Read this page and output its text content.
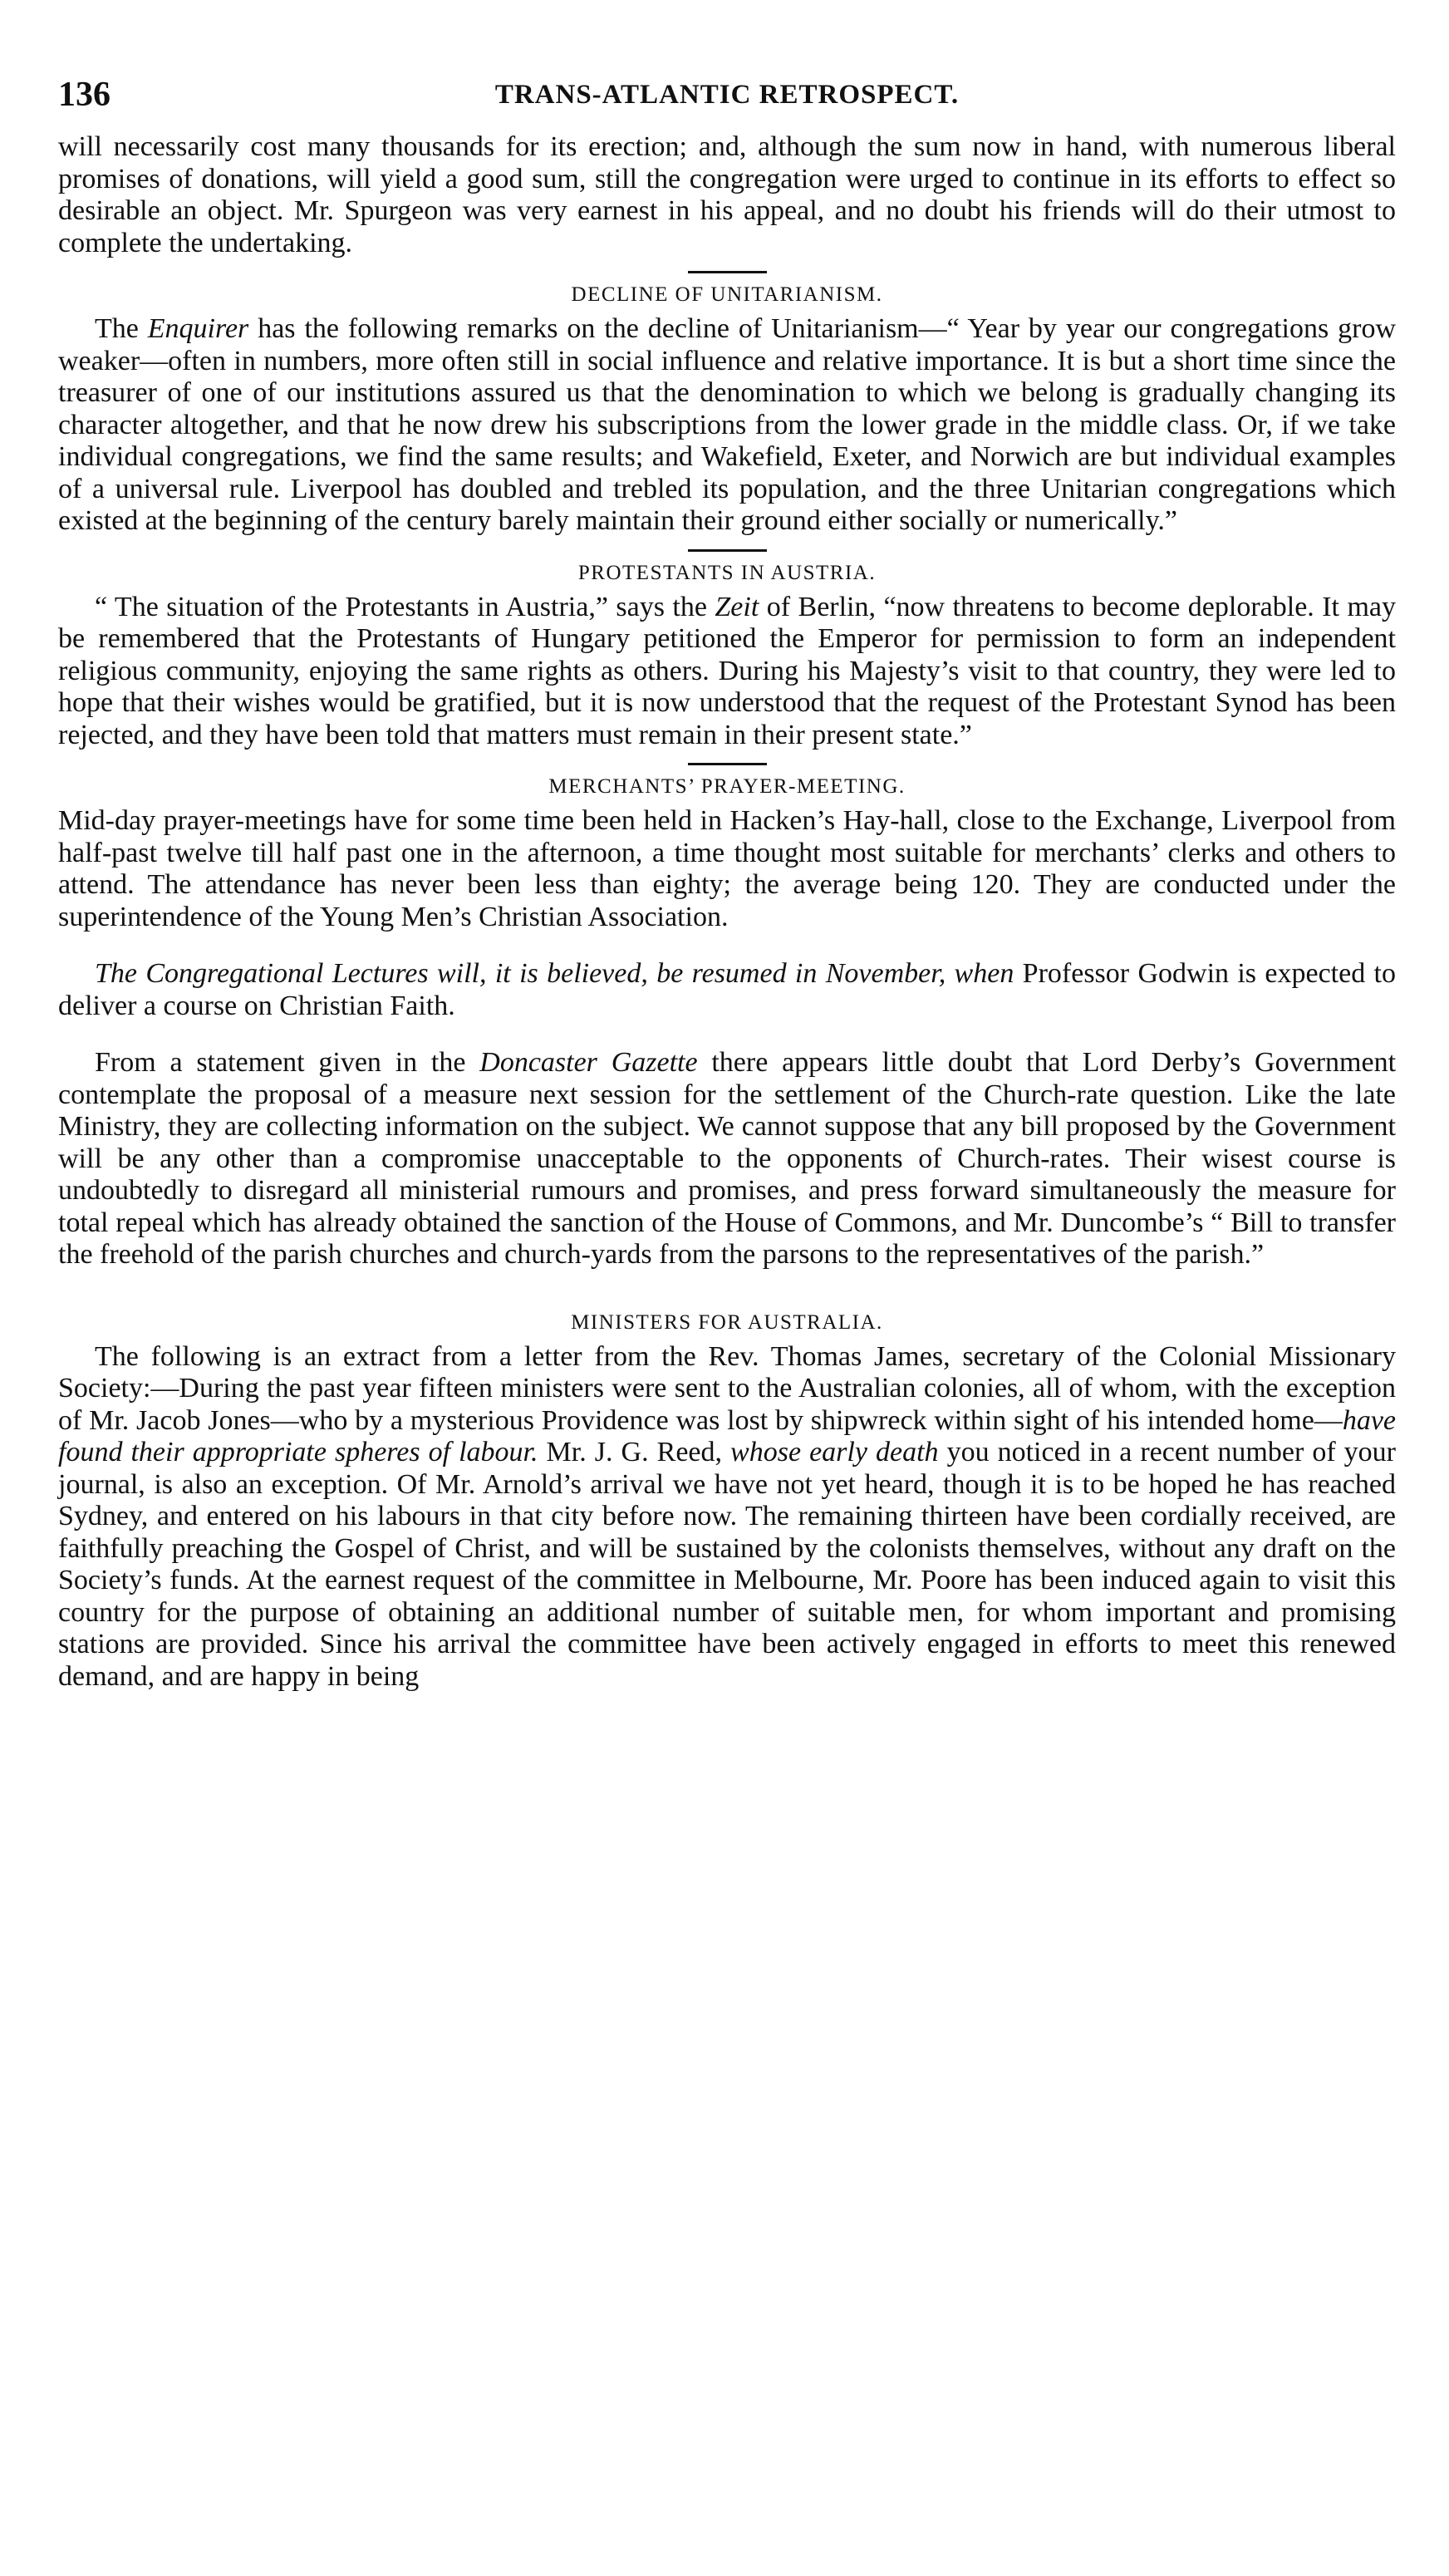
136	TRANS-ATLANTIC RETROSPECT.

will necessarily cost many thousands for its erection; and, although the sum now in hand, with numerous liberal promises of donations, will yield a good sum, still the congregation were urged to continue in its efforts to effect so desirable an object. Mr. Spurgeon was very earnest in his appeal, and no doubt his friends will do their utmost to complete the undertaking.

DECLINE OF UNITARIANISM.

The Enquirer has the following remarks on the decline of Unitarianism—“ Year by year our congregations grow weaker—often in numbers, more often still in social influence and relative importance. It is but a short time since the treasurer of one of our institutions assured us that the denomination to which we belong is gradually changing its character altogether, and that he now drew his subscriptions from the lower grade in the middle class. Or, if we take individual congregations, we find the same results; and Wakefield, Exeter, and Norwich are but individual examples of a universal rule. Liverpool has doubled and trebled its population, and the three Unitarian congregations which existed at the beginning of the century barely maintain their ground either socially or numerically.”

PROTESTANTS IN AUSTRIA.

“ The situation of the Protestants in Austria,” says the Zeit of Berlin, “now threatens to become deplorable. It may be remembered that the Protestants of Hungary petitioned the Emperor for permission to form an independent religious community, enjoying the same rights as others. During his Majesty’s visit to that country, they were led to hope that their wishes would be gratified, but it is now understood that the request of the Protestant Synod has been rejected, and they have been told that matters must remain in their present state.”

MERCHANTS’ PRAYER-MEETING.

Mid-day prayer-meetings have for some time been held in Hacken’s Hay-hall, close to the Exchange, Liverpool from half-past twelve till half past one in the afternoon, a time thought most suitable for merchants’ clerks and others to attend. The attendance has never been less than eighty; the average being 120. They are conducted under the superintendence of the Young Men’s Christian Association.

The Congregational Lectures will, it is believed, be resumed in November, when Professor Godwin is expected to deliver a course on Christian Faith.

From a statement given in the Doncaster Gazette there appears little doubt that Lord Derby’s Government contemplate the proposal of a measure next session for the settlement of the Church-rate question. Like the late Ministry, they are collecting information on the subject. We cannot suppose that any bill proposed by the Government will be any other than a compromise unacceptable to the opponents of Church-rates. Their wisest course is undoubtedly to disregard all ministerial rumours and promises, and press forward simultaneously the measure for total repeal which has already obtained the sanction of the House of Commons, and Mr. Duncombe’s “ Bill to transfer the freehold of the parish churches and church-yards from the parsons to the representatives of the parish.”

MINISTERS FOR AUSTRALIA.

The following is an extract from a letter from the Rev. Thomas James, secretary of the Colonial Missionary Society:—During the past year fifteen ministers were sent to the Australian colonies, all of whom, with the exception of Mr. Jacob Jones—who by a mysterious Providence was lost by shipwreck within sight of his intended home—have found their appropriate spheres of labour. Mr. J. G. Reed, whose early death you noticed in a recent number of your journal, is also an exception. Of Mr. Arnold’s arrival we have not yet heard, though it is to be hoped he has reached Sydney, and entered on his labours in that city before now. The remaining thirteen have been cordially received, are faithfully preaching the Gospel of Christ, and will be sustained by the colonists themselves, without any draft on the Society’s funds. At the earnest request of the committee in Melbourne, Mr. Poore has been induced again to visit this country for the purpose of obtaining an additional number of suitable men, for whom important and promising stations are provided. Since his arrival the committee have been actively engaged in efforts to meet this renewed demand, and are happy in being
